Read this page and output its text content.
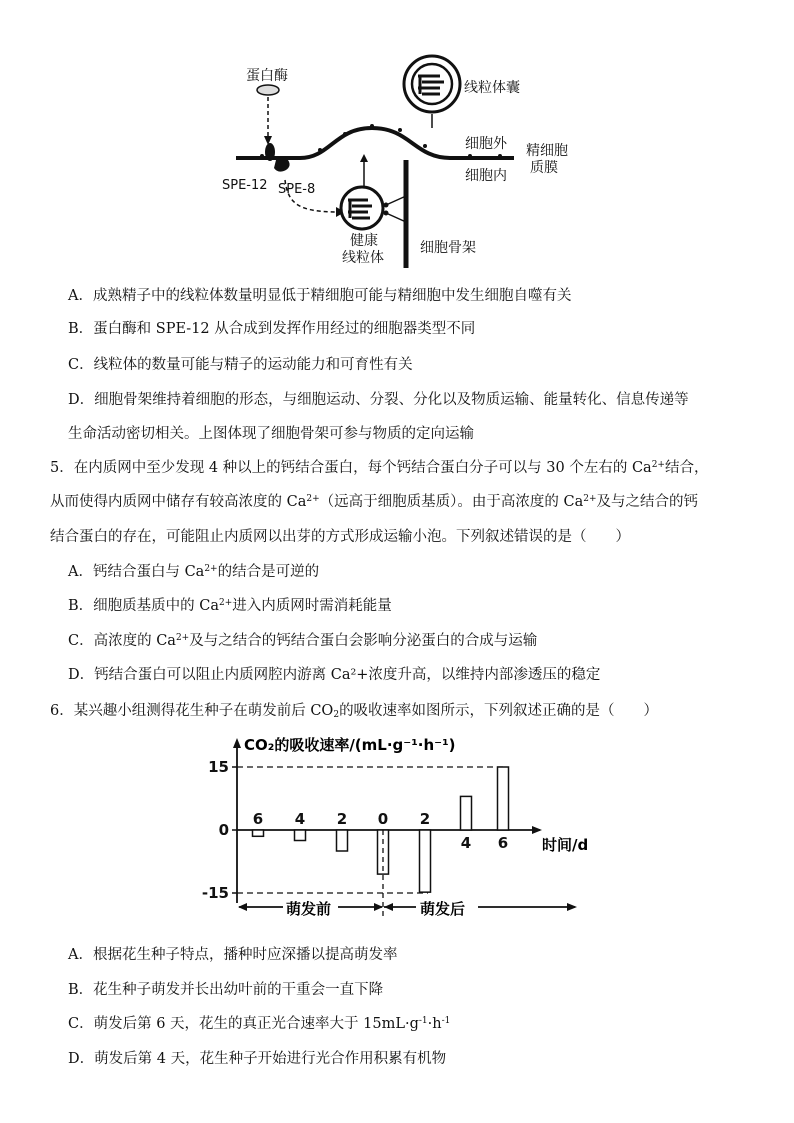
蛋白酶
线粒体囊
细胞外
细胞内
精细胞
质膜
SPE-12 SPE-8
健康
线粒体
细胞骨架
A．成熟精子中的线粒体数量明显低于精细胞可能与精细胞中发生细胞自噬有关
B．蛋白酶和 SPE-12 从合成到发挥作用经过的细胞器类型不同
C．线粒体的数量可能与精子的运动能力和可育性有关
D．细胞骨架维持着细胞的形态，与细胞运动、分裂、分化以及物质运输、能量转化、信息传递等
生命活动密切相关。上图体现了细胞骨架可参与物质的定向运输
5．在内质网中至少发现 4 种以上的钙结合蛋白，每个钙结合蛋白分子可以与 30 个左右的 $Ca^{2+}$结合，
从而使得内质网中储存有较高浓度的 $Ca^{2+}$（远高于细胞质基质）。由于高浓度的 $Ca^{2+}$及与之结合的钙
结合蛋白的存在，可能阻止内质网以出芽的方式形成运输小泡。下列叙述错误的是（　　）
A．钙结合蛋白与 $Ca^{2+}$的结合是可逆的
B．细胞质基质中的 $Ca^{2+}$进入内质网时需消耗能量
C．高浓度的 $Ca^{2+}$及与之结合的钙结合蛋白会影响分泌蛋白的合成与运输
D．钙结合蛋白可以阻止内质网腔内游离 Ca²+浓度升高，以维持内部渗透压的稳定
6．某兴趣小组测得花生种子在萌发前后 $CO_2$的吸收速率如图所示，下列叙述正确的是（　　）
CO₂的吸收速率/(mL·g⁻¹·h⁻¹)
时间/d
萌发前	萌发后
15
0
-15
6 4 2 0 2
4 6
A．根据花生种子特点，播种时应深播以提高萌发率
B．花生种子萌发并长出幼叶前的干重会一直下降
C．萌发后第 6 天，花生的真正光合速率大于 $15mL\cdot g^{-1}\cdot h^{-1}$
D．萌发后第 4 天，花生种子开始进行光合作用积累有机物
